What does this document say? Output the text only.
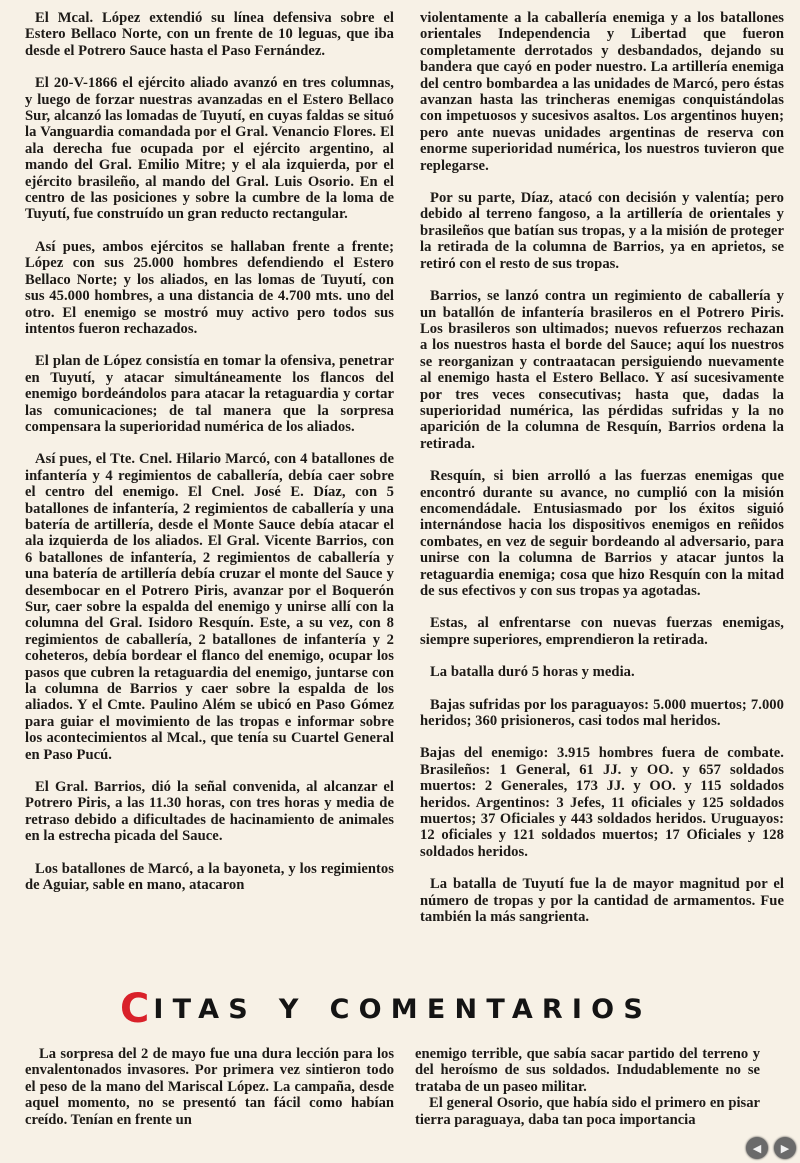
El Mcal. López extendió su línea defensiva sobre el Estero Bellaco Norte, con un frente de 10 leguas, que iba desde el Potrero Sauce hasta el Paso Fernández.

El 20-V-1866 el ejército aliado avanzó en tres columnas, y luego de forzar nuestras avanzadas en el Estero Bellaco Sur, alcanzó las lomadas de Tuyutí, en cuyas faldas se situó la Vanguardia comandada por el Gral. Venancio Flores. El ala derecha fue ocupada por el ejército argentino, al mando del Gral. Emilio Mitre; y el ala izquierda, por el ejército brasileño, al mando del Gral. Luis Osorio. En el centro de las posiciones y sobre la cumbre de la loma de Tuyutí, fue construído un gran reducto rectangular.

Así pues, ambos ejércitos se hallaban frente a frente; López con sus 25.000 hombres defendiendo el Estero Bellaco Norte; y los aliados, en las lomas de Tuyutí, con sus 45.000 hombres, a una distancia de 4.700 mts. uno del otro. El enemigo se mostró muy activo pero todos sus intentos fueron rechazados.

El plan de López consistía en tomar la ofensiva, penetrar en Tuyutí, y atacar simultáneamente los flancos del enemigo bordeándolos para atacar la retaguardia y cortar las comunicaciones; de tal manera que la sorpresa compensara la superioridad numérica de los aliados.

Así pues, el Tte. Cnel. Hilario Marcó, con 4 batallones de infantería y 4 regimientos de caballería, debía caer sobre el centro del enemigo. El Cnel. José E. Díaz, con 5 batallones de infantería, 2 regimientos de caballería y una batería de artillería, desde el Monte Sauce debía atacar el ala izquierda de los aliados. El Gral. Vicente Barrios, con 6 batallones de infantería, 2 regimientos de caballería y una batería de artillería debía cruzar el monte del Sauce y desembocar en el Potrero Piris, avanzar por el Boquerón Sur, caer sobre la espalda del enemigo y unirse allí con la columna del Gral. Isidoro Resquín. Este, a su vez, con 8 regimientos de caballería, 2 batallones de infantería y 2 coheteros, debía bordear el flanco del enemigo, ocupar los pasos que cubren la retaguardia del enemigo, juntarse con la columna de Barrios y caer sobre la espalda de los aliados. Y el Cmte. Paulino Além se ubicó en Paso Gómez para guiar el movimiento de las tropas e informar sobre los acontecimientos al Mcal., que tenía su Cuartel General en Paso Pucú.

El Gral. Barrios, dió la señal convenida, al alcanzar el Potrero Piris, a las 11.30 horas, con tres horas y media de retraso debido a dificultades de hacinamiento de animales en la estrecha picada del Sauce.

Los batallones de Marcó, a la bayoneta, y los regimientos de Aguiar, sable en mano, atacaron

violentamente a la caballería enemiga y a los batallones orientales Independencia y Libertad que fueron completamente derrotados y desbandados, dejando su bandera que cayó en poder nuestro. La artillería enemiga del centro bombardea a las unidades de Marcó, pero éstas avanzan hasta las trincheras enemigas conquistándolas con impetuosos y sucesivos asaltos. Los argentinos huyen; pero ante nuevas unidades argentinas de reserva con enorme superioridad numérica, los nuestros tuvieron que replegarse.

Por su parte, Díaz, atacó con decisión y valentía; pero debido al terreno fangoso, a la artillería de orientales y brasileños que batían sus tropas, y a la misión de proteger la retirada de la columna de Barrios, ya en aprietos, se retiró con el resto de sus tropas.

Barrios, se lanzó contra un regimiento de caballería y un batallón de infantería brasileros en el Potrero Piris. Los brasileros son ultimados; nuevos refuerzos rechazan a los nuestros hasta el borde del Sauce; aquí los nuestros se reorganizan y contraatacan persiguiendo nuevamente al enemigo hasta el Estero Bellaco. Y así sucesivamente por tres veces consecutivas; hasta que, dadas la superioridad numérica, las pérdidas sufridas y la no aparición de la columna de Resquín, Barrios ordena la retirada.

Resquín, si bien arrolló a las fuerzas enemigas que encontró durante su avance, no cumplió con la misión encomendádale. Entusiasmado por los éxitos siguió internándose hacia los dispositivos enemigos en reñidos combates, en vez de seguir bordeando al adversario, para unirse con la columna de Barrios y atacar juntos la retaguardia enemiga; cosa que hizo Resquín con la mitad de sus efectivos y con sus tropas ya agotadas.

Estas, al enfrentarse con nuevas fuerzas enemigas, siempre superiores, emprendieron la retirada.

La batalla duró 5 horas y media.

Bajas sufridas por los paraguayos: 5.000 muertos; 7.000 heridos; 360 prisioneros, casi todos mal heridos.

Bajas del enemigo: 3.915 hombres fuera de combate. Brasileños: 1 General, 61 JJ. y OO. y 657 soldados muertos: 2 Generales, 173 JJ. y OO. y 115 soldados heridos. Argentinos: 3 Jefes, 11 oficiales y 125 soldados muertos; 37 Oficiales y 443 soldados heridos. Uruguayos: 12 oficiales y 121 soldados muertos; 17 Oficiales y 128 soldados heridos.

La batalla de Tuyutí fue la de mayor magnitud por el número de tropas y por la cantidad de armamentos. Fue también la más sangrienta.

C ITAS Y COMENTARIOS

La sorpresa del 2 de mayo fue una dura lección para los envalentonados invasores. Por primera vez sintieron todo el peso de la mano del Mariscal López. La campaña, desde aquel momento, no se presentó tan fácil como habían creído. Tenían en frente un

enemigo terrible, que sabía sacar partido del terreno y del heroísmo de sus soldados. Indudablemente no se trataba de un paseo militar.

El general Osorio, que había sido el primero en pisar tierra paraguaya, daba tan poca importancia

◀	▶
